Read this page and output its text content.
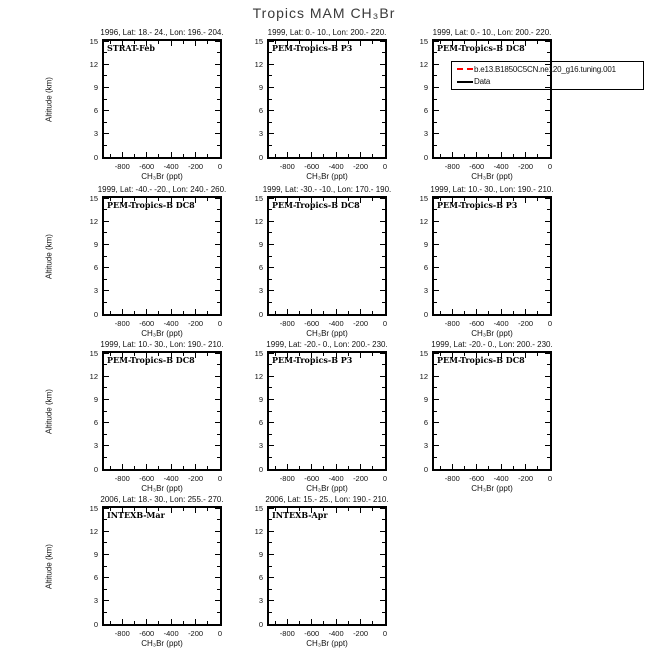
Tropics MAM CH₃Br
1996, Lat: 18.- 24., Lon: 196.- 204.
STRAT-Feb
0
3
6
9
12
15
-800	-600	-400	-200	0
CH₃Br (ppt)
Altitude (km)
1999, Lat: 0.- 10., Lon: 200.- 220.
PEM-Tropics-B P3
0
3
6
9
12
15
-800	-600	-400	-200	0
CH₃Br (ppt)
1999, Lat: 0.- 10., Lon: 200.- 220.
PEM-Tropics-B DC8
0
3
6
9
12
15
-800	-600	-400	-200	0
CH₃Br (ppt)
1999, Lat: -40.- -20., Lon: 240.- 260.
PEM-Tropics-B DC8
0
3
6
9
12
15
-800	-600	-400	-200	0
CH₃Br (ppt)
Altitude (km)
1999, Lat: -30.- -10., Lon: 170.- 190.
PEM-Tropics-B DC8
0
3
6
9
12
15
-800	-600	-400	-200	0
CH₃Br (ppt)
1999, Lat: 10.- 30., Lon: 190.- 210.
PEM-Tropics-B P3
0
3
6
9
12
15
-800	-600	-400	-200	0
CH₃Br (ppt)
1999, Lat: 10.- 30., Lon: 190.- 210.
PEM-Tropics-B DC8
0
3
6
9
12
15
-800	-600	-400	-200	0
CH₃Br (ppt)
Altitude (km)
1999, Lat: -20.- 0., Lon: 200.- 230.
PEM-Tropics-B P3
0
3
6
9
12
15
-800	-600	-400	-200	0
CH₃Br (ppt)
1999, Lat: -20.- 0., Lon: 200.- 230.
PEM-Tropics-B DC8
0
3
6
9
12
15
-800	-600	-400	-200	0
CH₃Br (ppt)
2006, Lat: 18.- 30., Lon: 255.- 270.
INTEXB-Mar
0
3
6
9
12
15
-800	-600	-400	-200	0
CH₃Br (ppt)
Altitude (km)
2006, Lat: 15.- 25., Lon: 190.- 210.
INTEXB-Apr
0
3
6
9
12
15
-800	-600	-400	-200	0
CH₃Br (ppt)
b.e13.B1850C5CN.ne120_g16.tuning.001
Data
